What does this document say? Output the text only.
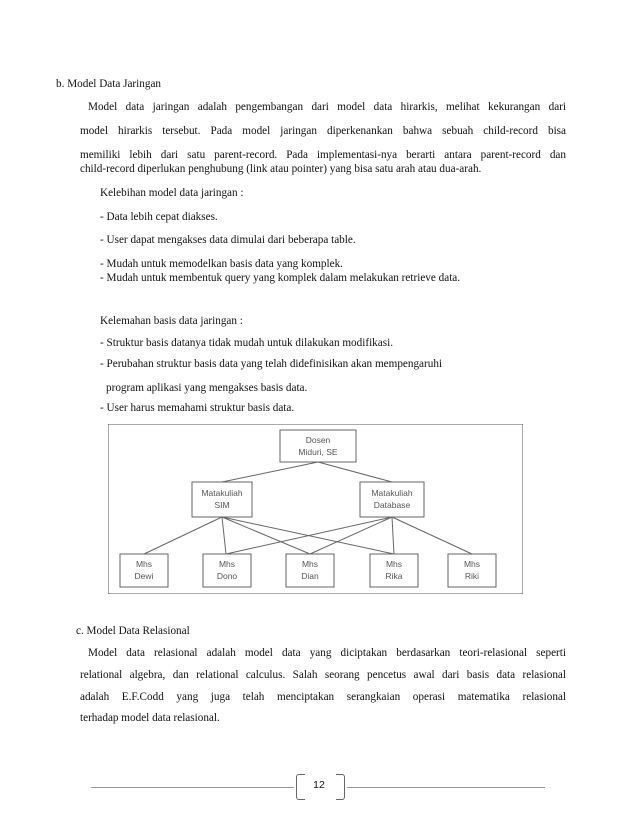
b. Model Data Jaringan
Model data jaringan adalah pengembangan dari model data hirarkis, melihat kekurangan dari
model hirarkis tersebut. Pada model jaringan diperkenankan bahwa sebuah child-record bisa
memiliki lebih dari satu parent-record. Pada implementasi-nya berarti antara parent-record dan
child-record diperlukan penghubung (link atau pointer) yang bisa satu arah atau dua-arah.
Kelebihan model data jaringan :
- Data lebih cepat diakses.
- User dapat mengakses data dimulai dari beberapa table.
- Mudah untuk memodelkan basis data yang komplek.
- Mudah untuk membentuk query yang komplek dalam melakukan retrieve data.
Kelemahan basis data jaringan :
- Struktur basis datanya tidak mudah untuk dilakukan modifikasi.
- Perubahan struktur basis data yang telah didefinisikan akan mempengaruhi
program aplikasi yang mengakses basis data.
- User harus memahami struktur basis data.
Dosen
Miduri, SE
Matakuliah
SIM
Matakuliah
Database
Mhs
Dewi
Mhs
Dono
Mhs
Dian
Mhs
Rika
Mhs
Riki
c. Model Data Relasional
Model data relasional adalah model data yang diciptakan berdasarkan teori-relasional seperti
relational algebra, dan relational calculus. Salah seorang pencetus awal dari basis data relasional
adalah E.F.Codd yang juga telah menciptakan serangkaian operasi matematika relasional
terhadap model data relasional.
12
